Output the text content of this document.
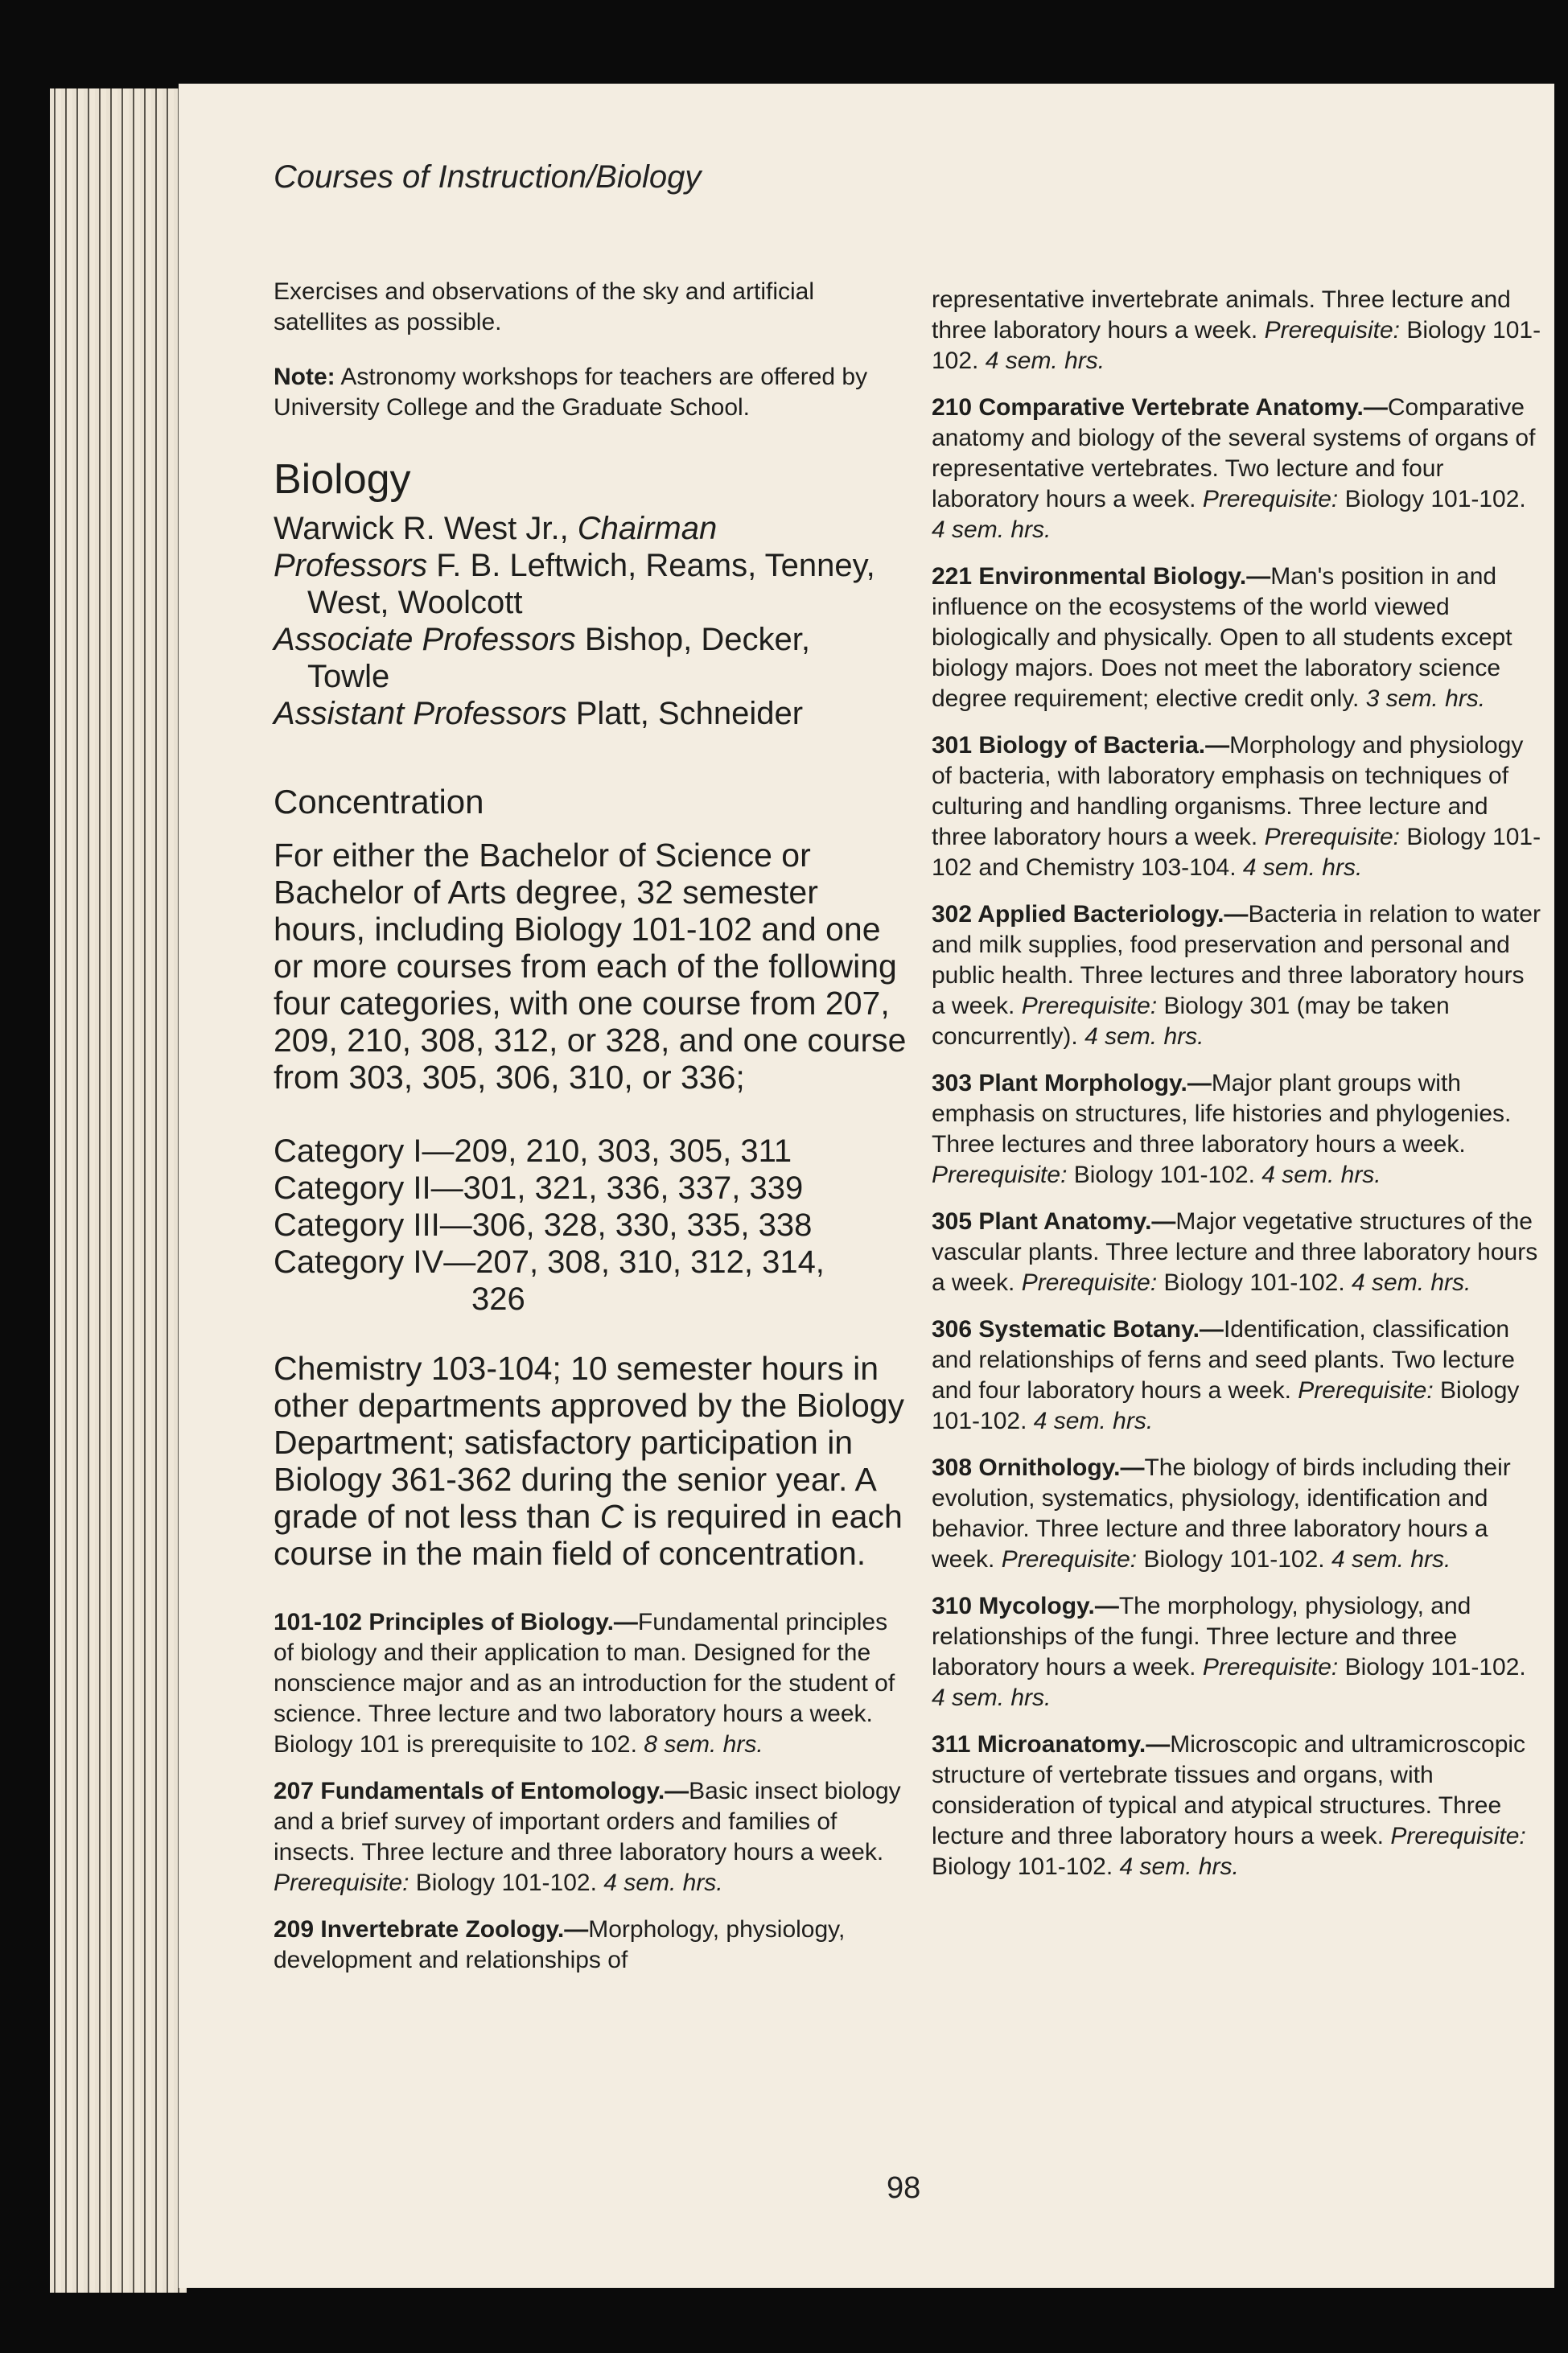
Courses of Instruction/Biology

Exercises and observations of the sky and artificial satellites as possible.

Note: Astronomy workshops for teachers are offered by University College and the Graduate School.

Biology
Warwick R. West Jr., Chairman
Professors F. B. Leftwich, Reams, Tenney,
West, Woolcott
Associate Professors Bishop, Decker,
Towle
Assistant Professors Platt, Schneider
Concentration
For either the Bachelor of Science or Bachelor of Arts degree, 32 semester hours, including Biology 101-102 and one or more courses from each of the following four categories, with one course from 207, 209, 210, 308, 312, or 328, and one course from 303, 305, 306, 310, or 336;
Category I—209, 210, 303, 305, 311
Category II—301, 321, 336, 337, 339
Category III—306, 328, 330, 335, 338
Category IV—207, 308, 310, 312, 314,
326
Chemistry 103-104; 10 semester hours in other departments approved by the Biology Department; satisfactory participation in Biology 361-362 during the senior year. A grade of not less than C is required in each course in the main field of concentration.

101-102 Principles of Biology.—Fundamental principles of biology and their application to man. Designed for the nonscience major and as an introduction for the student of science. Three lecture and two laboratory hours a week. Biology 101 is prerequisite to 102. 8 sem. hrs.

207 Fundamentals of Entomology.—Basic insect biology and a brief survey of important orders and families of insects. Three lecture and three laboratory hours a week. Prerequisite: Biology 101-102. 4 sem. hrs.

209 Invertebrate Zoology.—Morphology, physiology, development and relationships of

representative invertebrate animals. Three lecture and three laboratory hours a week. Prerequisite: Biology 101-102. 4 sem. hrs.

210 Comparative Vertebrate Anatomy.—Comparative anatomy and biology of the several systems of organs of representative vertebrates. Two lecture and four laboratory hours a week. Prerequisite: Biology 101-102. 4 sem. hrs.

221 Environmental Biology.—Man's position in and influence on the ecosystems of the world viewed biologically and physically. Open to all students except biology majors. Does not meet the laboratory science degree requirement; elective credit only. 3 sem. hrs.

301 Biology of Bacteria.—Morphology and physiology of bacteria, with laboratory emphasis on techniques of culturing and handling organisms. Three lecture and three laboratory hours a week. Prerequisite: Biology 101-102 and Chemistry 103-104. 4 sem. hrs.

302 Applied Bacteriology.—Bacteria in relation to water and milk supplies, food preservation and personal and public health. Three lectures and three laboratory hours a week. Prerequisite: Biology 301 (may be taken concurrently). 4 sem. hrs.

303 Plant Morphology.—Major plant groups with emphasis on structures, life histories and phylogenies. Three lectures and three laboratory hours a week. Prerequisite: Biology 101-102. 4 sem. hrs.

305 Plant Anatomy.—Major vegetative structures of the vascular plants. Three lecture and three laboratory hours a week. Prerequisite: Biology 101-102. 4 sem. hrs.

306 Systematic Botany.—Identification, classification and relationships of ferns and seed plants. Two lecture and four laboratory hours a week. Prerequisite: Biology 101-102. 4 sem. hrs.

308 Ornithology.—The biology of birds including their evolution, systematics, physiology, identification and behavior. Three lecture and three laboratory hours a week. Prerequisite: Biology 101-102. 4 sem. hrs.

310 Mycology.—The morphology, physiology, and relationships of the fungi. Three lecture and three laboratory hours a week. Prerequisite: Biology 101-102. 4 sem. hrs.

311 Microanatomy.—Microscopic and ultramicroscopic structure of vertebrate tissues and organs, with consideration of typical and atypical structures. Three lecture and three laboratory hours a week. Prerequisite: Biology 101-102. 4 sem. hrs.

98
